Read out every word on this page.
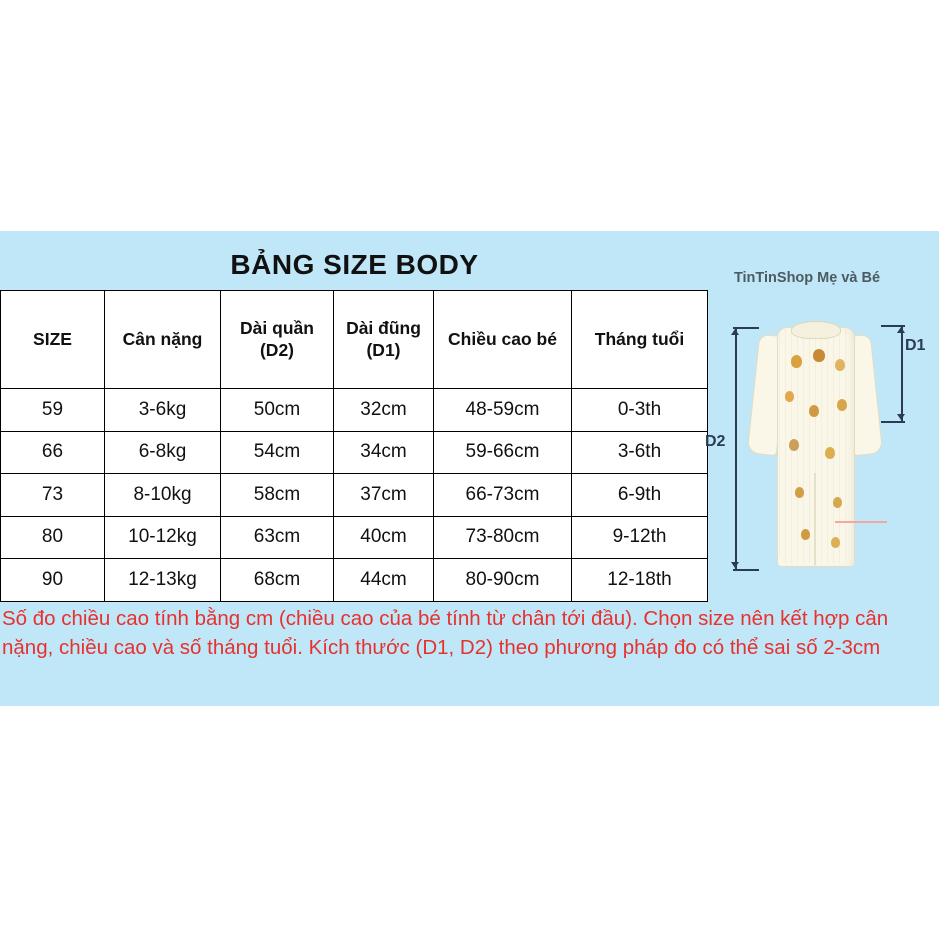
BẢNG SIZE BODY	TinTinShop Mẹ và Bé
SIZE	Cân nặng	Dài quần (D2)	Dài đũng (D1)	Chiều cao bé	Tháng tuổi
59	3-6kg	50cm	32cm	48-59cm	0-3th
66	6-8kg	54cm	34cm	59-66cm	3-6th
73	8-10kg	58cm	37cm	66-73cm	6-9th
80	10-12kg	63cm	40cm	73-80cm	9-12th
90	12-13kg	68cm	44cm	80-90cm	12-18th
Số đo chiều cao tính bằng cm (chiều cao của bé tính từ chân tới đầu). Chọn size nên kết hợp cân nặng, chiều cao và số tháng tuổi. Kích thước (D1, D2) theo phương pháp đo có thể sai số 2-3cm
D1
D2
